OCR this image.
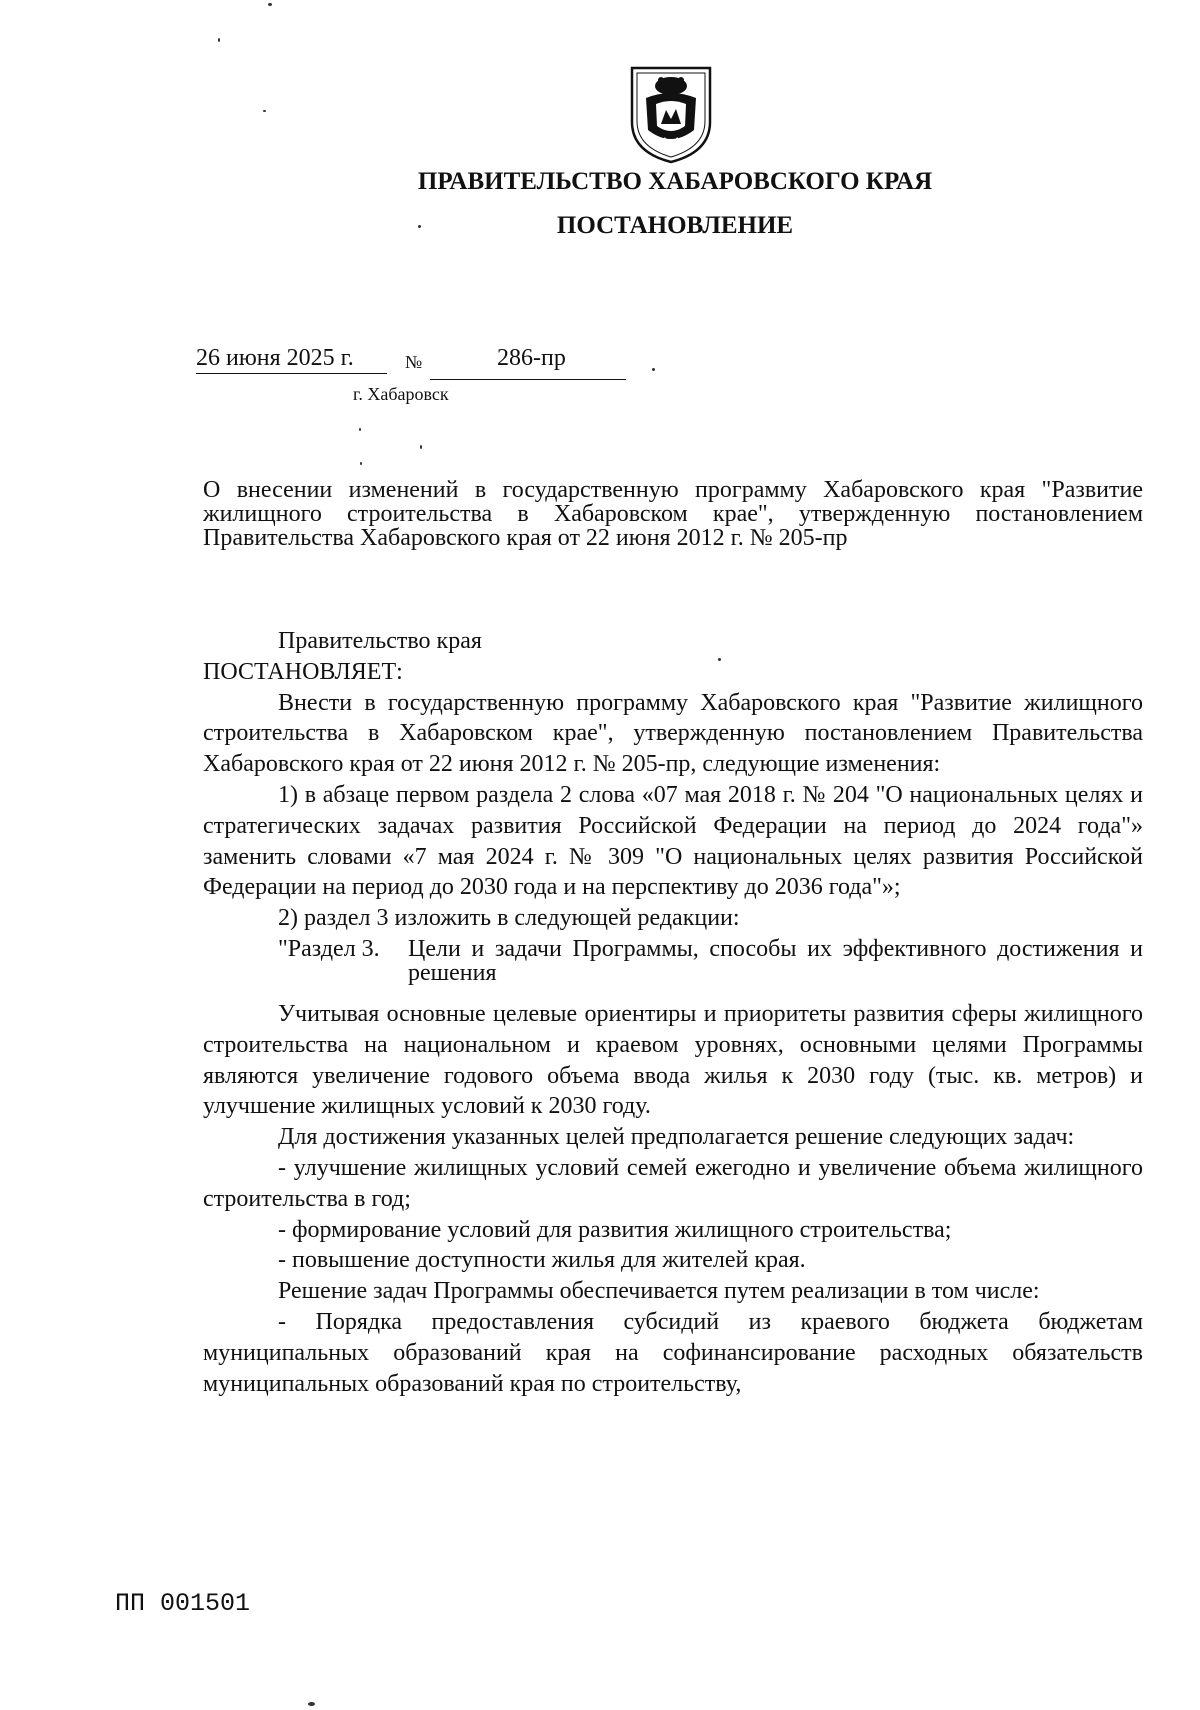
ПРАВИТЕЛЬСТВО ХАБАРОВСКОГО КРАЯ
ПОСТАНОВЛЕНИЕ
26 июня 2025 г.	№	286-пр
г. Хабаровск
О внесении изменений в государственную программу Хабаровского края "Развитие жилищного строительства в Хабаровском крае", утвержденную постановлением Правительства Хабаровского края от 22 июня 2012 г. № 205-пр

Правительство края

ПОСТАНОВЛЯЕТ:

Внести в государственную программу Хабаровского края "Развитие жилищного строительства в Хабаровском крае", утвержденную постановлением Правительства Хабаровского края от 22 июня 2012 г. № 205-пр, следующие изменения:

1) в абзаце первом раздела 2 слова «07 мая 2018 г. № 204 "О национальных целях и стратегических задачах развития Российской Федерации на период до 2024 года"» заменить словами «7 мая 2024 г. № 309 "О национальных целях развития Российской Федерации на период до 2030 года и на перспективу до 2036 года"»;

2) раздел 3 изложить в следующей редакции:

"Раздел 3. Цели и задачи Программы, способы их эффективного достижения и решения

Учитывая основные целевые ориентиры и приоритеты развития сферы жилищного строительства на национальном и краевом уровнях, основными целями Программы являются увеличение годового объема ввода жилья к 2030 году (тыс. кв. метров) и улучшение жилищных условий к 2030 году.

Для достижения указанных целей предполагается решение следующих задач:

- улучшение жилищных условий семей ежегодно и увеличение объема жилищного строительства в год;

- формирование условий для развития жилищного строительства;

- повышение доступности жилья для жителей края.

Решение задач Программы обеспечивается путем реализации в том числе:

- Порядка предоставления субсидий из краевого бюджета бюджетам муниципальных образований края на софинансирование расходных обязательств муниципальных образований края по строительству,

ПП 001501
